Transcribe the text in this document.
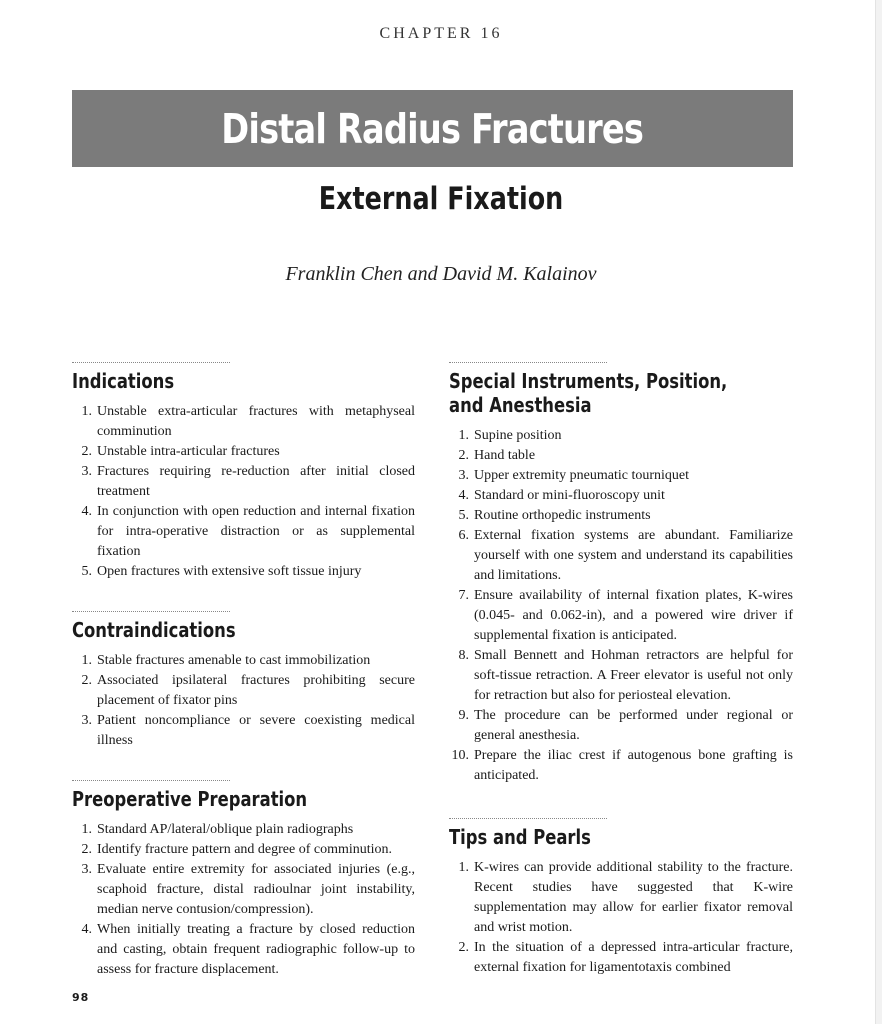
CHAPTER 16
Distal Radius Fractures
External Fixation
Franklin Chen and David M. Kalainov
Indications
1. Unstable extra-articular fractures with metaphyseal comminution
2. Unstable intra-articular fractures
3. Fractures requiring re-reduction after initial closed treatment
4. In conjunction with open reduction and internal fixation for intra-operative distraction or as supplemental fixation
5. Open fractures with extensive soft tissue injury
Contraindications
1. Stable fractures amenable to cast immobilization
2. Associated ipsilateral fractures prohibiting secure placement of fixator pins
3. Patient noncompliance or severe coexisting medical illness
Preoperative Preparation
1. Standard AP/lateral/oblique plain radiographs
2. Identify fracture pattern and degree of comminution.
3. Evaluate entire extremity for associated injuries (e.g., scaphoid fracture, distal radioulnar joint instability, median nerve contusion/compression).
4. When initially treating a fracture by closed reduction and casting, obtain frequent radiographic follow-up to assess for fracture displacement.
Special Instruments, Position,
and Anesthesia
1. Supine position
2. Hand table
3. Upper extremity pneumatic tourniquet
4. Standard or mini-fluoroscopy unit
5. Routine orthopedic instruments
6. External fixation systems are abundant. Familiarize yourself with one system and understand its capabilities and limitations.
7. Ensure availability of internal fixation plates, K-wires (0.045- and 0.062-in), and a powered wire driver if supplemental fixation is anticipated.
8. Small Bennett and Hohman retractors are helpful for soft-tissue retraction. A Freer elevator is useful not only for retraction but also for periosteal elevation.
9. The procedure can be performed under regional or general anesthesia.
10. Prepare the iliac crest if autogenous bone grafting is anticipated.
Tips and Pearls
1. K-wires can provide additional stability to the fracture. Recent studies have suggested that K-wire supplementation may allow for earlier fixator removal and wrist motion.
2. In the situation of a depressed intra-articular fracture, external fixation for ligamentotaxis combined
98
